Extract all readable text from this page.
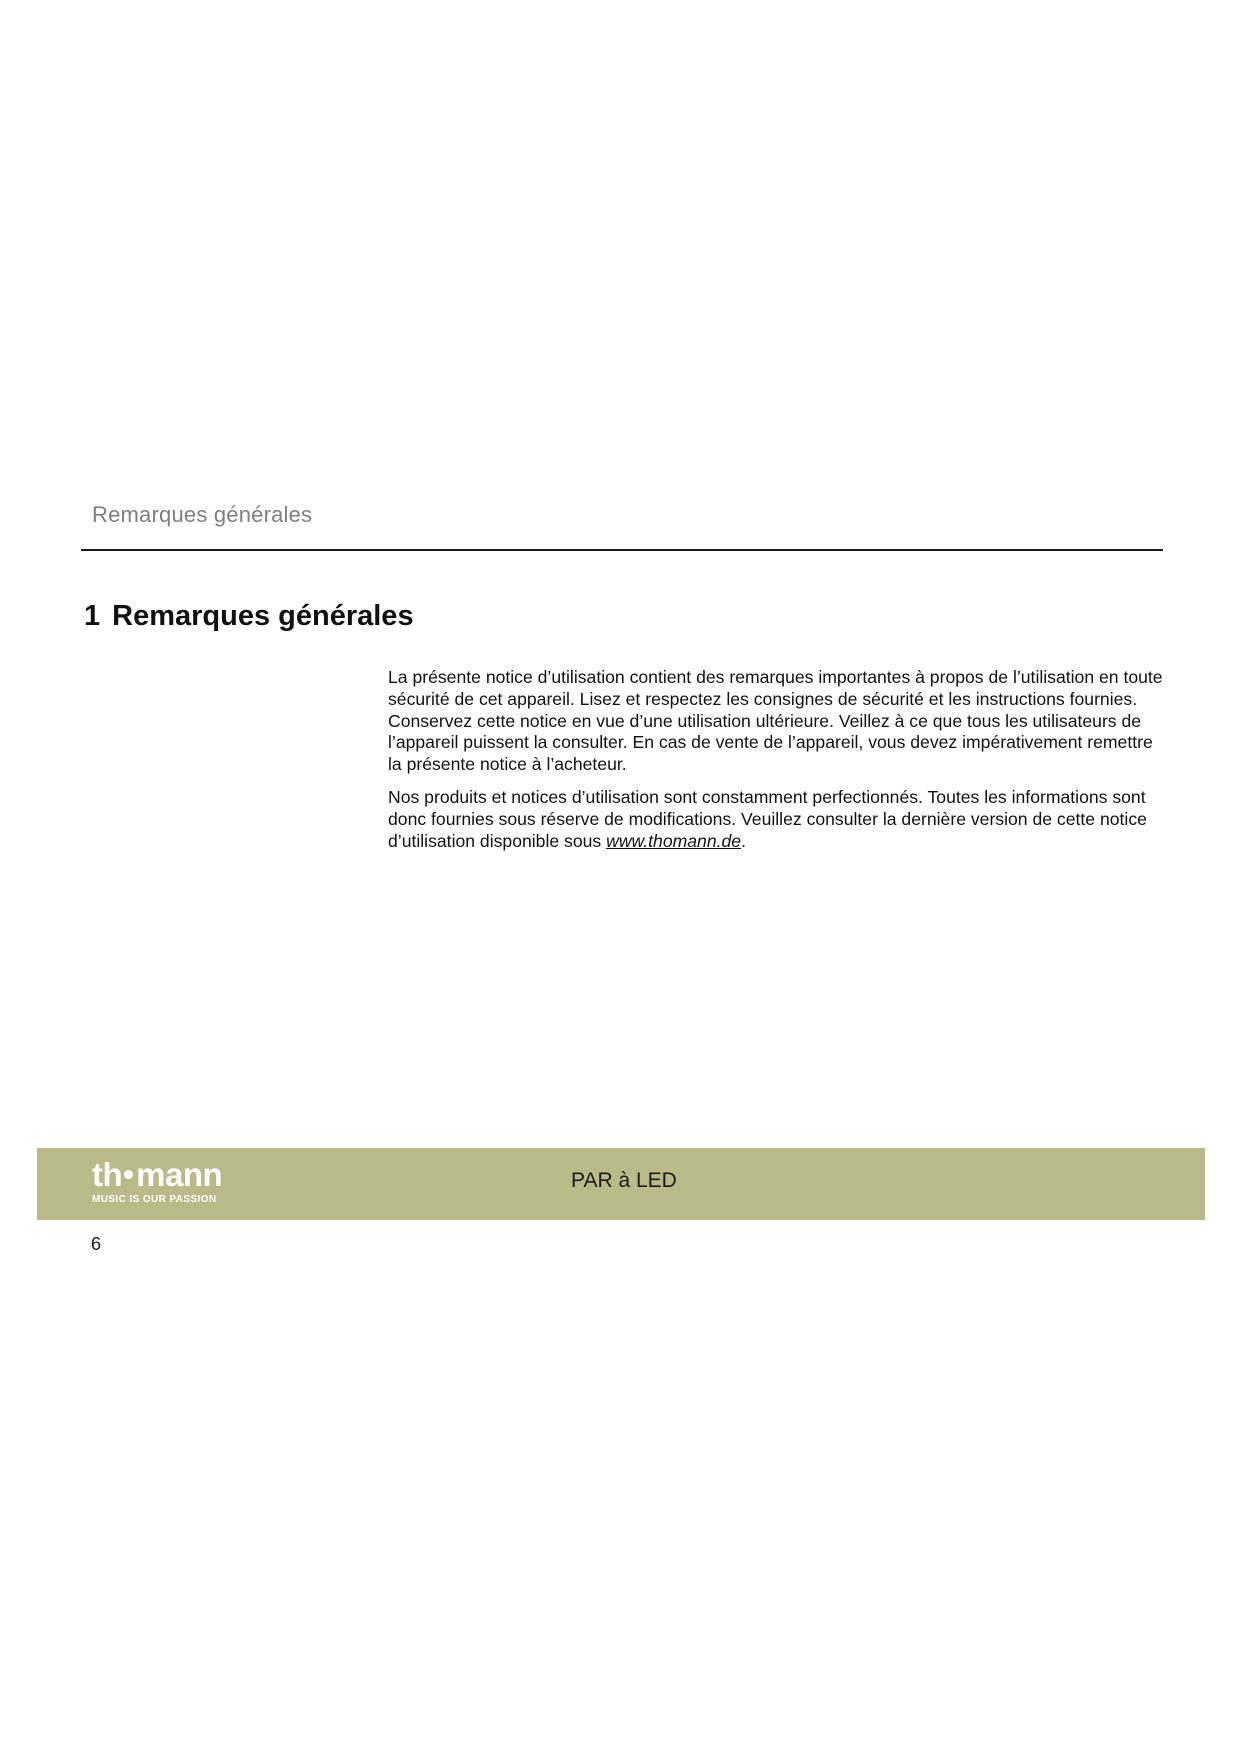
Remarques générales
1 Remarques générales

La présente notice d’utilisation contient des remarques importantes à propos de l’utilisation en toute sécurité de cet appareil. Lisez et respectez les consignes de sécurité et les instructions fournies. Conservez cette notice en vue d’une utilisation ultérieure. Veillez à ce que tous les utilisateurs de l’appareil puissent la consulter. En cas de vente de l’appareil, vous devez impérativement remettre la présente notice à l’acheteur.

Nos produits et notices d’utilisation sont constamment perfectionnés. Toutes les informations sont donc fournies sous réserve de modifications. Veuillez consulter la dernière version de cette notice d’utilisation disponible sous www.thomann.de.

th mann
MUSIC IS OUR PASSION
PAR à LED
6
